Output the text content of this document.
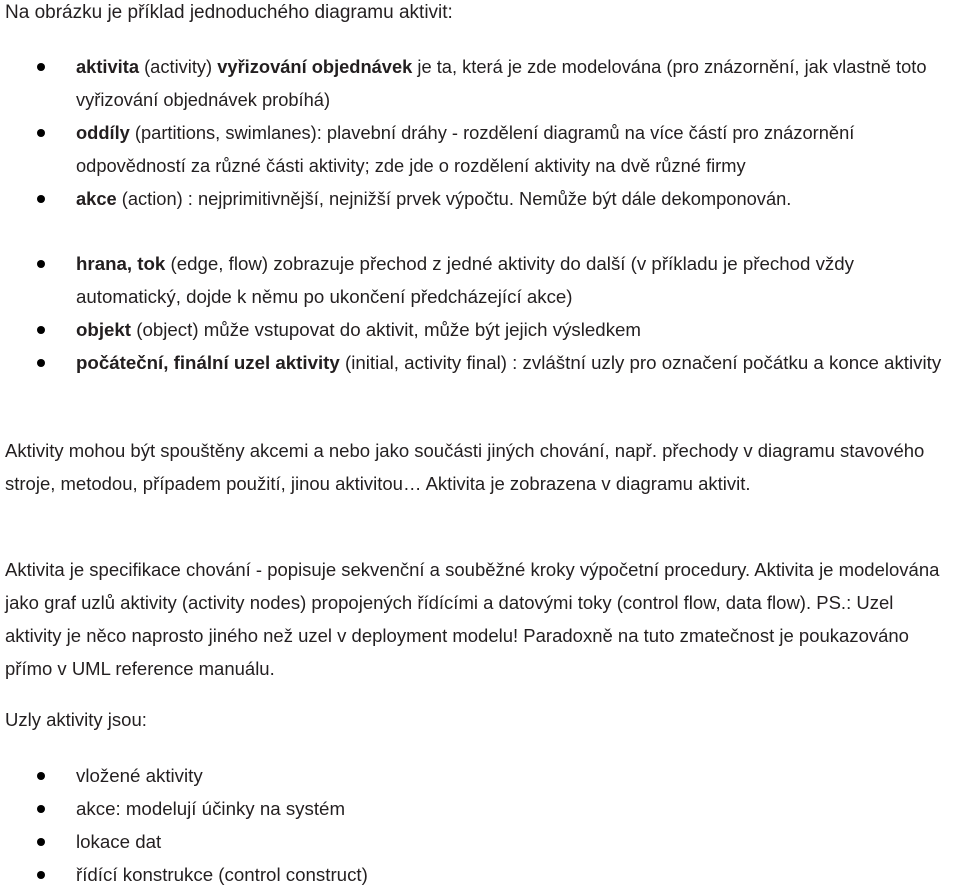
Na obrázku je příklad jednoduchého diagramu aktivit:

aktivita (activity) vyřizování objednávek je ta, která je zde modelována (pro znázornění, jak vlastně toto vyřizování objednávek probíhá)
oddíly (partitions, swimlanes): plavební dráhy - rozdělení diagramů na více částí pro znázornění odpovědností za různé části aktivity; zde jde o rozdělení aktivity na dvě různé firmy
akce (action) : nejprimitivnější, nejnižší prvek výpočtu. Nemůže být dále dekomponován.
hrana, tok (edge, flow) zobrazuje přechod z jedné aktivity do další (v příkladu je přechod vždy automatický, dojde k němu po ukončení předcházející akce)
objekt (object) může vstupovat do aktivit, může být jejich výsledkem
počáteční, finální uzel aktivity (initial, activity final) : zvláštní uzly pro označení počátku a konce aktivity

Aktivity mohou být spouštěny akcemi a nebo jako součásti jiných chování, např. přechody v diagramu stavového stroje, metodou, případem použití, jinou aktivitou… Aktivita je zobrazena v diagramu aktivit.

Aktivita je specifikace chování - popisuje sekvenční a souběžné kroky výpočetní procedury. Aktivita je modelována jako graf uzlů aktivity (activity nodes) propojených řídícími a datovými toky (control flow, data flow). PS.: Uzel aktivity je něco naprosto jiného než uzel v deployment modelu! Paradoxně na tuto zmatečnost je poukazováno přímo v UML reference manuálu.

Uzly aktivity jsou:

vložené aktivity
akce: modelují účinky na systém
lokace dat
řídící konstrukce (control construct)
